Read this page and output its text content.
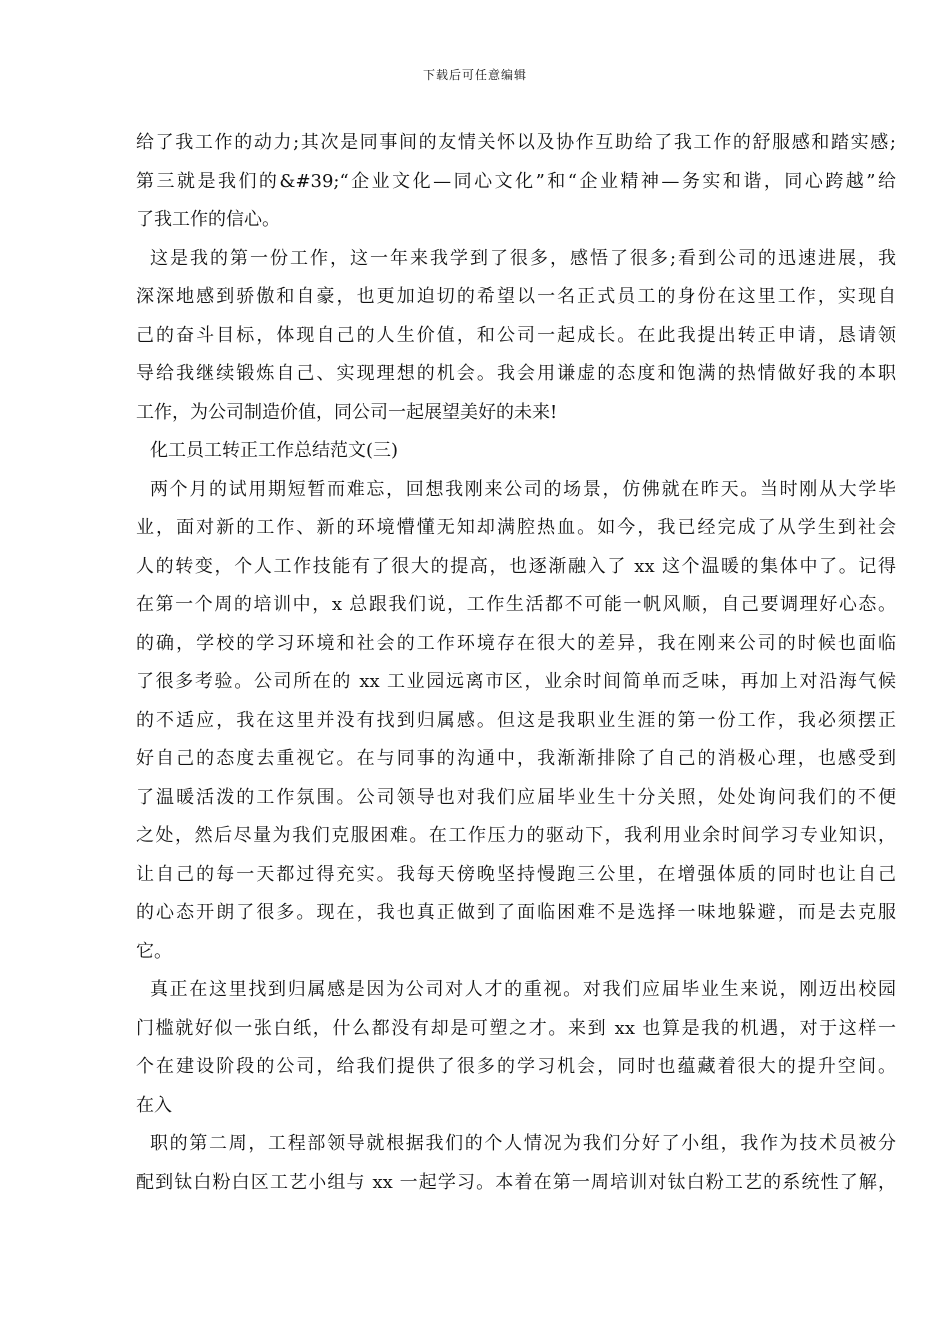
下载后可任意编辑
给了我工作的动力;其次是同事间的友情关怀以及协作互助给了我工作的舒服感和踏实感;
第三就是我们的&#39;“企业文化—同心文化”和“企业精神—务实和谐，同心跨越”给
了我工作的信心。
这是我的第一份工作，这一年来我学到了很多，感悟了很多;看到公司的迅速进展，我
深深地感到骄傲和自豪，也更加迫切的希望以一名正式员工的身份在这里工作，实现自
己的奋斗目标，体现自己的人生价值，和公司一起成长。在此我提出转正申请，恳请领
导给我继续锻炼自己、实现理想的机会。我会用谦虚的态度和饱满的热情做好我的本职
工作，为公司制造价值，同公司一起展望美好的未来!
化工员工转正工作总结范文(三)
两个月的试用期短暂而难忘，回想我刚来公司的场景，仿佛就在昨天。当时刚从大学毕
业，面对新的工作、新的环境懵懂无知却满腔热血。如今，我已经完成了从学生到社会
人的转变，个人工作技能有了很大的提高，也逐渐融入了 xx 这个温暖的集体中了。记得
在第一个周的培训中，x 总跟我们说，工作生活都不可能一帆风顺，自己要调理好心态。
的确，学校的学习环境和社会的工作环境存在很大的差异，我在刚来公司的时候也面临
了很多考验。公司所在的 xx 工业园远离市区，业余时间简单而乏味，再加上对沿海气候
的不适应，我在这里并没有找到归属感。但这是我职业生涯的第一份工作，我必须摆正
好自己的态度去重视它。在与同事的沟通中，我渐渐排除了自己的消极心理，也感受到
了温暖活泼的工作氛围。公司领导也对我们应届毕业生十分关照，处处询问我们的不便
之处，然后尽量为我们克服困难。在工作压力的驱动下，我利用业余时间学习专业知识，
让自己的每一天都过得充实。我每天傍晚坚持慢跑三公里，在增强体质的同时也让自己
的心态开朗了很多。现在，我也真正做到了面临困难不是选择一味地躲避，而是去克服
它。
真正在这里找到归属感是因为公司对人才的重视。对我们应届毕业生来说，刚迈出校园
门槛就好似一张白纸，什么都没有却是可塑之才。来到 xx 也算是我的机遇，对于这样一
个在建设阶段的公司，给我们提供了很多的学习机会，同时也蕴藏着很大的提升空间。
在入
职的第二周，工程部领导就根据我们的个人情况为我们分好了小组，我作为技术员被分
配到钛白粉白区工艺小组与 xx 一起学习。本着在第一周培训对钛白粉工艺的系统性了解，
